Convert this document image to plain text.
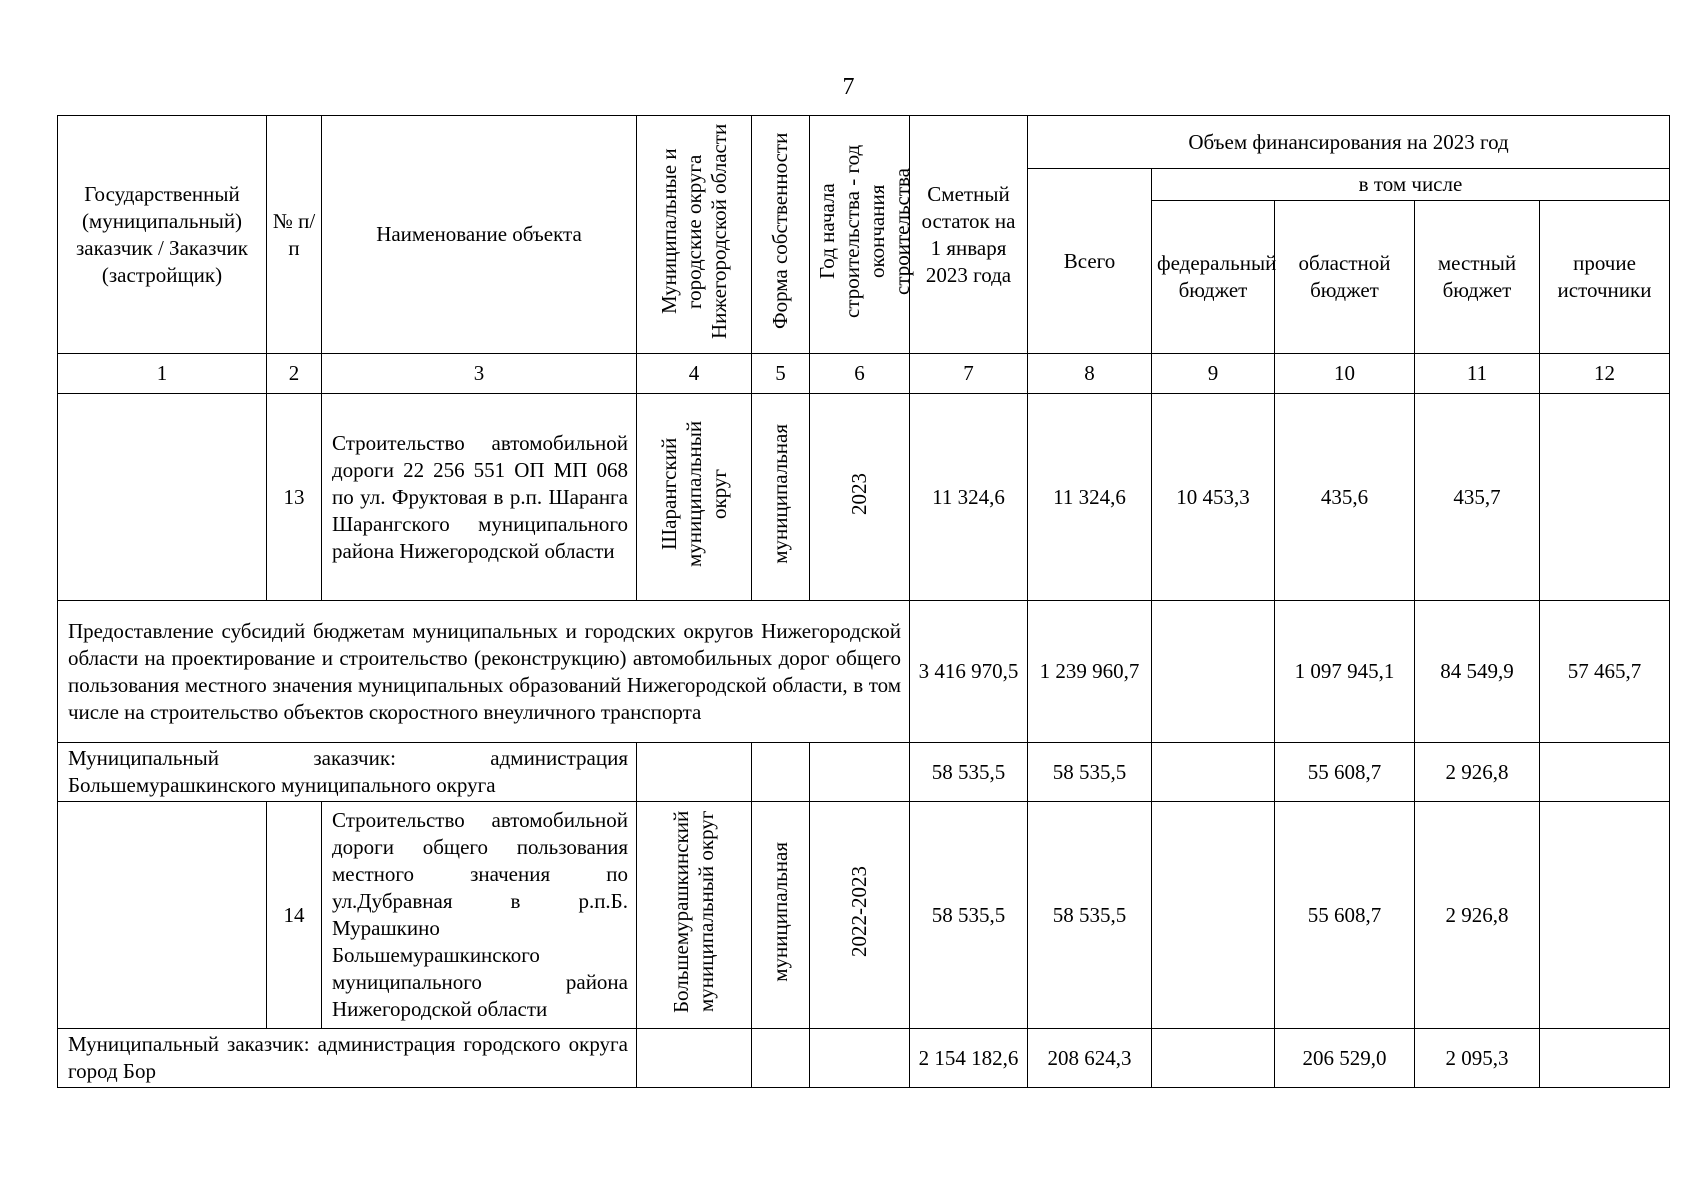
7
Государственный (муниципальный) заказчик / Заказчик (застройщик)	№ п/п	Наименование объекта	Муниципальные и городские округа Нижегородской области	Форма собственности	Год начала строительства - год окончания строительства	Сметный остаток на 1 января 2023 года	Объем финансирования на 2023 год				
							Всего	в том числе			
								федеральный бюджет	областной бюджет	местный бюджет	прочие источники
1	2	3	4	5	6	7	8	9	10	11	12
	13	Строительство автомобильной дороги 22 256 551 ОП МП 068 по ул. Фруктовая в р.п. Шаранга Шарангского муниципального района Нижегородской области	Шарангский муниципальный округ	муниципальная	2023	11 324,6	11 324,6	10 453,3	435,6	435,7	
Предоставление субсидий бюджетам муниципальных и городских округов Нижегородской области на проектирование и строительство (реконструкцию) автомобильных дорог общего пользования местного значения муниципальных образований Нижегородской области, в том числе на строительство объектов скоростного внеуличного транспорта						3 416 970,5	1 239 960,7		1 097 945,1	84 549,9	57 465,7
Муниципальный заказчик: администрация Большемурашкинского муниципального округа						58 535,5	58 535,5		55 608,7	2 926,8	
	14	Строительство автомобильной дороги общего пользования местного значения по ул.Дубравная в р.п.Б. Мурашкино Большемурашкинского муниципального района Нижегородской области	Большемурашкинский муниципальный округ	муниципальная	2022-2023	58 535,5	58 535,5		55 608,7	2 926,8	
Муниципальный заказчик: администрация городского округа город Бор						2 154 182,6	208 624,3		206 529,0	2 095,3	
